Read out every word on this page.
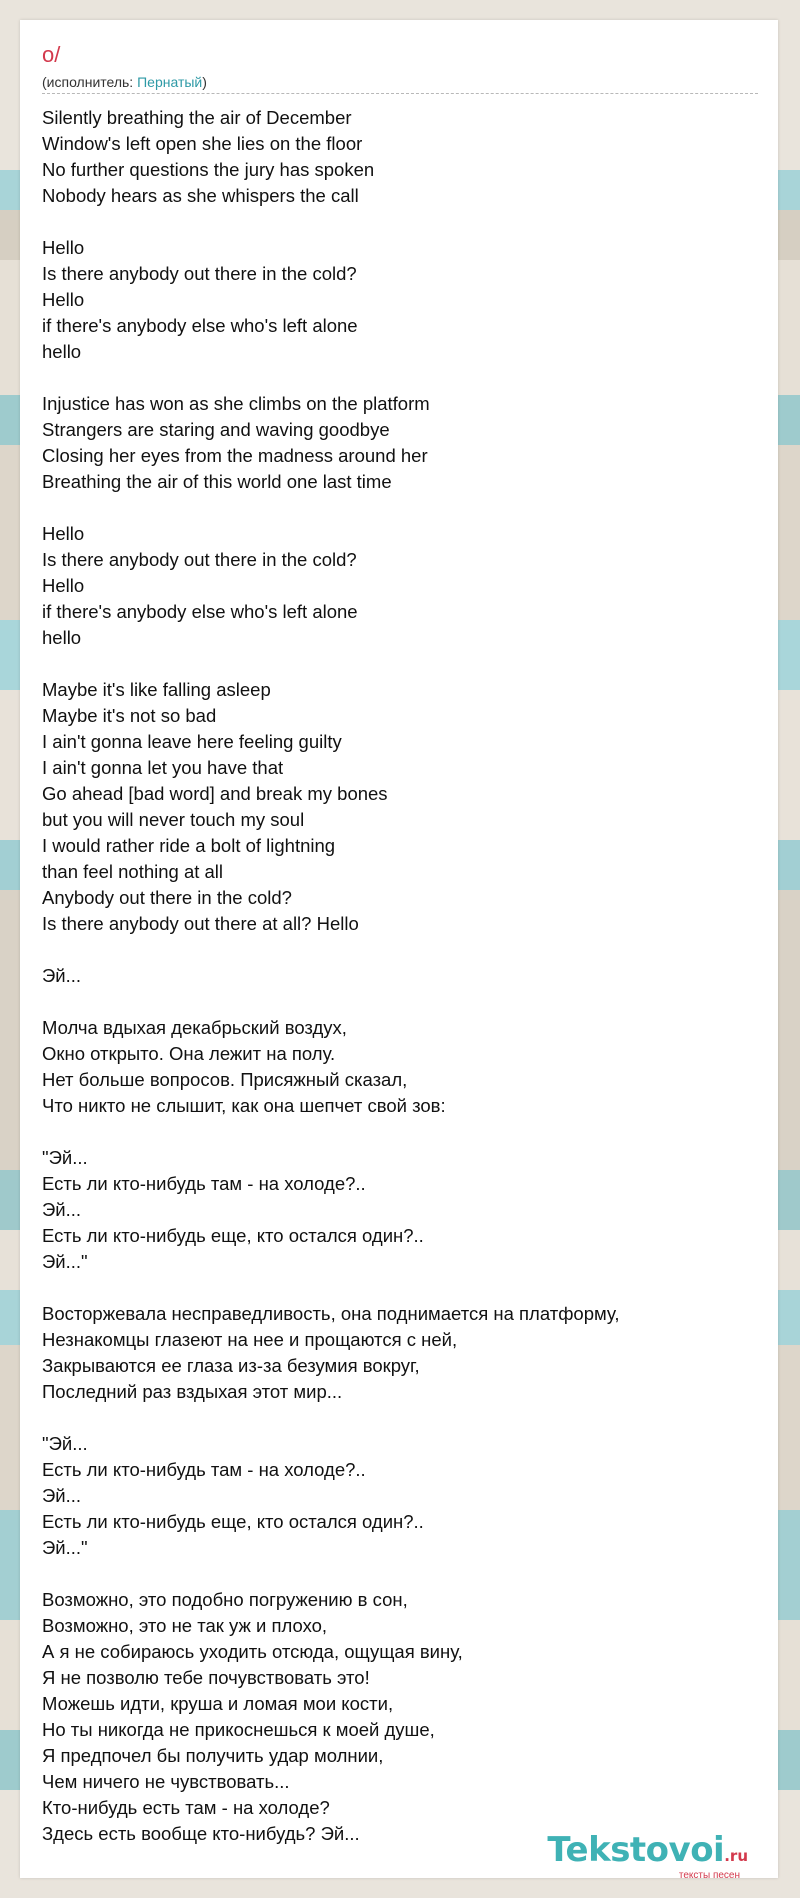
o/
(исполнитель: Пернатый)
Silently breathing the air of December
Window's left open she lies on the floor
No further questions the jury has spoken
Nobody hears as she whispers the call
Hello
Is there anybody out there in the cold?
Hello
if there's anybody else who's left alone
hello
Injustice has won as she climbs on the platform
Strangers are staring and waving goodbye
Closing her eyes from the madness around her
Breathing the air of this world one last time
Hello
Is there anybody out there in the cold?
Hello
if there's anybody else who's left alone
hello
Maybe it's like falling asleep
Maybe it's not so bad
I ain't gonna leave here feeling guilty
I ain't gonna let you have that
Go ahead [bad word] and break my bones
but you will never touch my soul
I would rather ride a bolt of lightning
than feel nothing at all
Anybody out there in the cold?
Is there anybody out there at all? Hello
Эй...
Молча вдыхая декабрьский воздух,
Окно открыто. Она лежит на полу.
Нет больше вопросов. Присяжный сказал,
Что никто не слышит, как она шепчет свой зов:
"Эй...
Есть ли кто-нибудь там - на холоде?..
Эй...
Есть ли кто-нибудь еще, кто остался один?..
Эй..."
Восторжевала несправедливость, она поднимается на платформу,
Незнакомцы глазеют на нее и прощаются с ней,
Закрываются ее глаза из-за безумия вокруг,
Последний раз вздыхая этот мир...
"Эй...
Есть ли кто-нибудь там - на холоде?..
Эй...
Есть ли кто-нибудь еще, кто остался один?..
Эй..."
Возможно, это подобно погружению в сон,
Возможно, это не так уж и плохо,
А я не собираюсь уходить отсюда, ощущая вину,
Я не позволю тебе почувствовать это!
Можешь идти, круша и ломая мои кости,
Но ты никогда не прикоснешься к моей душе,
Я предпочел бы получить удар молнии,
Чем ничего не чувствовать...
Кто-нибудь есть там - на холоде?
Здесь есть вообще кто-нибудь? Эй...	Tekstovoi.ru
тексты песен
